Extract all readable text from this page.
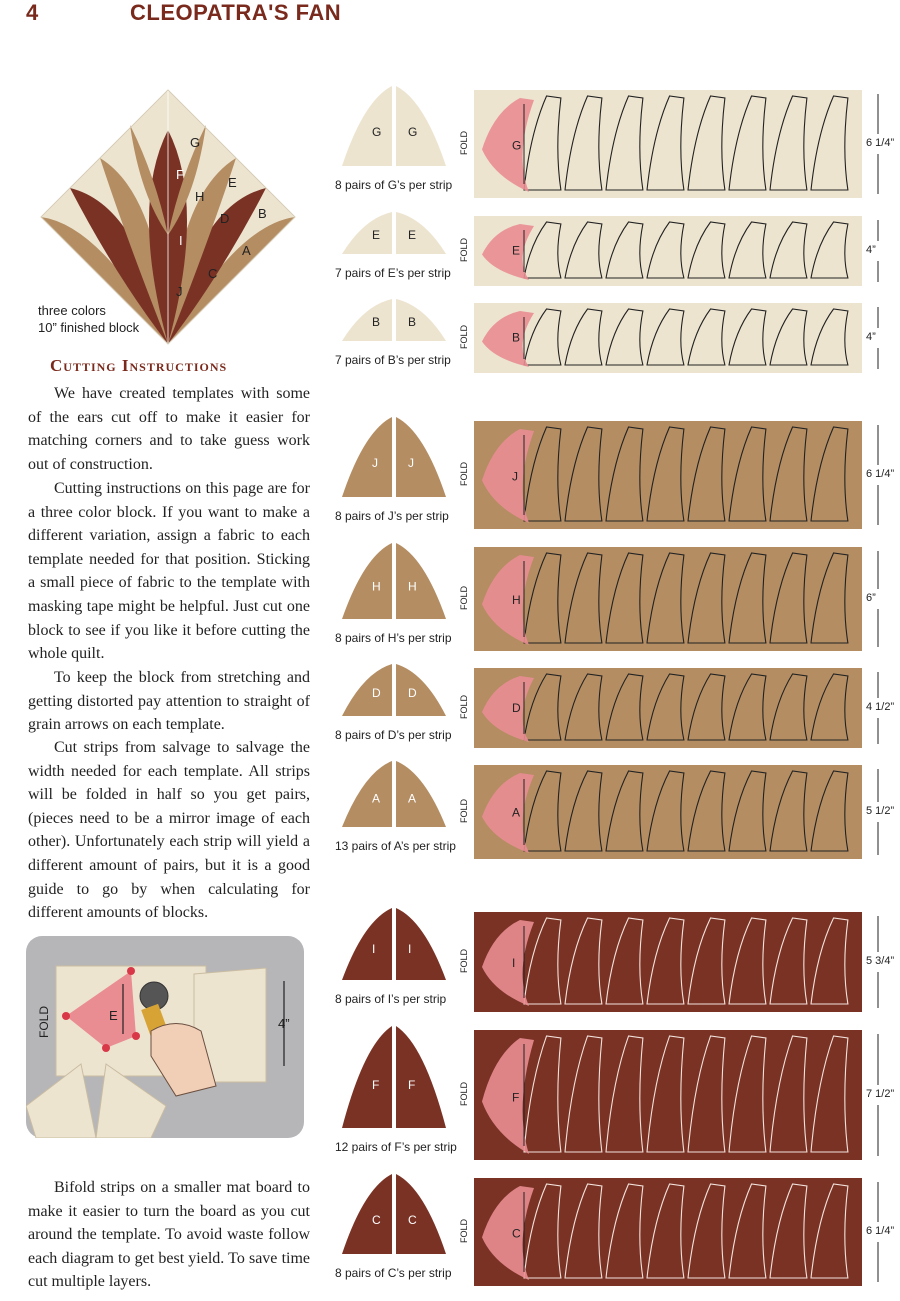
4	CLEOPATRA'S FAN
G
F
H
E
D B
I
A
C
J
three colors
10” finished block
Cutting Instructions

We have created templates with some of the ears cut off to make it easier for matching corners and to take guess work out of construction.

Cutting instructions on this page are for a three color block. If you want to make a different variation, assign a fabric to each template needed for that position. Sticking a small piece of fabric to the template with masking tape might be helpful. Just cut one block to see if you like it before cutting the whole quilt.

To keep the block from stretching and getting distorted pay attention to straight of grain arrows on each template.

Cut strips from salvage to salvage the width needed for each template. All strips will be folded in half so you get pairs, (pieces need to be a mirror image of each other). Unfortunately each strip will yield a different amount of pairs, but it is a good guide to go by when calculating for different amounts of blocks.

Bifold strips on a smaller mat board to make it easier to turn the board as you cut around the template. To avoid waste follow each diagram to get best yield. To save time cut multiple layers.

E
FOLD	4”
G G
8 pairs of G’s per strip
G
FOLD	6 1/4”
E E
7 pairs of E’s per strip
E
FOLD	4”
B B
7 pairs of B’s per strip
B
FOLD	4”
J	J
8 pairs of J’s per strip
J
FOLD	6 1/4”
H H
8 pairs of H’s per strip
H
FOLD	6”
D D
8 pairs of D’s per strip
D
FOLD	4 1/2”
A A
13 pairs of A’s per strip
A
FOLD	5 1/2”
I	I
8 pairs of I’s per strip
I
FOLD	5 3/4”
F F
12 pairs of F’s per strip
F
FOLD	7 1/2”
C C
8 pairs of C’s per strip
C
FOLD	6 1/4”
